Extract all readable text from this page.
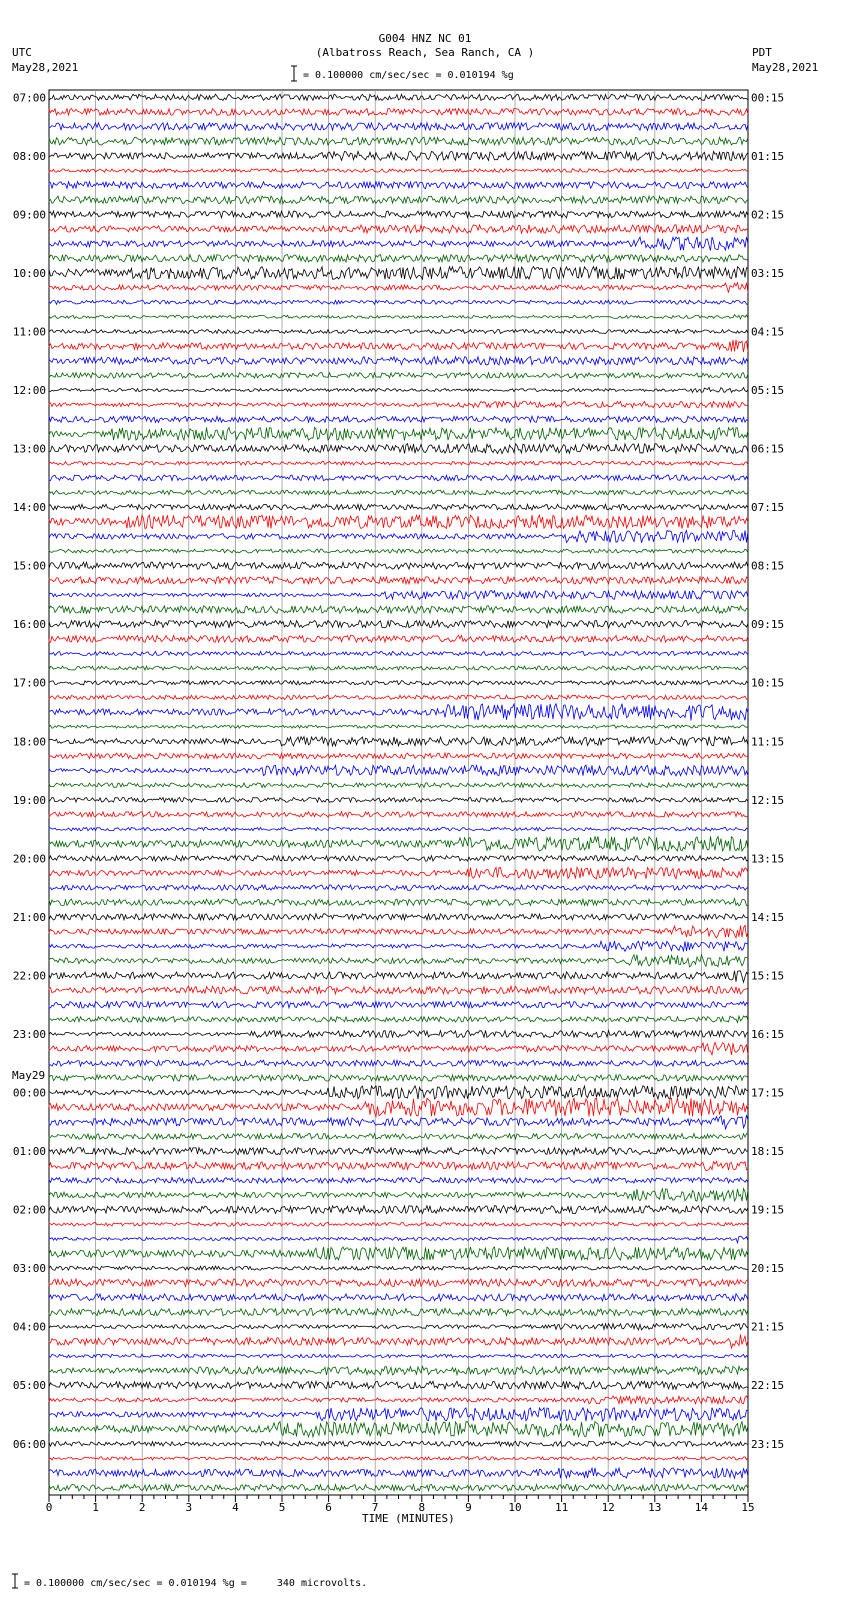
07:00
08:00
09:00
10:00
11:00
12:00
13:00
14:00
15:00
16:00
17:00
18:00
19:00
20:00
21:00
22:00
23:00
00:00
01:00
02:00
03:00
04:00
05:00
06:00
00:15
01:15
02:15
03:15
04:15
05:15
06:15
07:15
08:15
09:15
10:15
11:15
12:15
13:15
14:15
15:15
16:15
17:15
18:15
19:15
20:15
21:15
22:15
23:15
0	1	2	3	4	5	6	7	8	9	10	11	12	13	14	15
G004 HNZ NC 01
(Albatross Reach, Sea Ranch, CA )
UTC
May28,2021
PDT
May28,2021
= 0.100000 cm/sec/sec = 0.010194 %g
= 0.100000 cm/sec/sec = 0.010194 %g =     340 microvolts.
TIME (MINUTES)
May29
